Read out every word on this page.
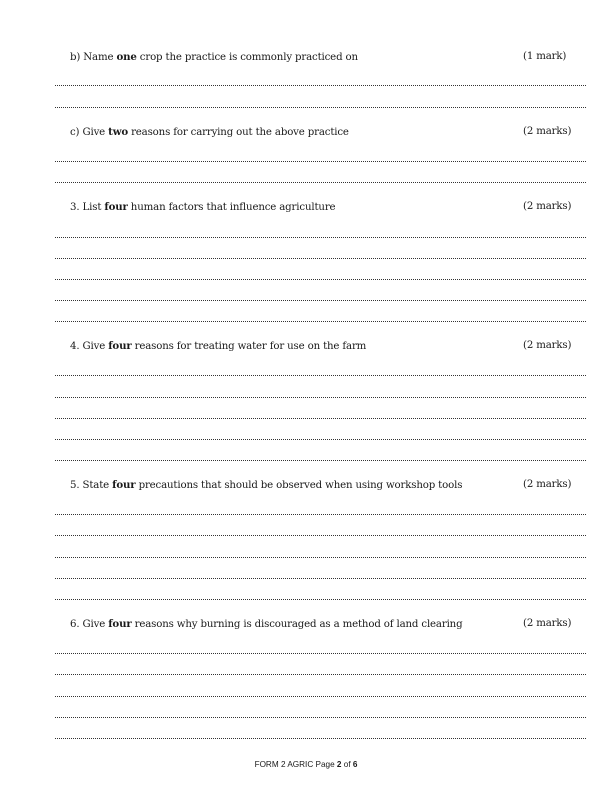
b) Name one crop the practice is commonly practiced on	(1 mark)
c) Give two reasons for carrying out the above practice	(2 marks)
3. List four human factors that influence agriculture	(2 marks)
4. Give four reasons for treating water for use on the farm	(2 marks)
5. State four precautions that should be observed when using workshop tools	(2 marks)
6. Give four reasons why burning is discouraged as a method of land clearing	(2 marks)
FORM 2 AGRIC Page 2 of 6
